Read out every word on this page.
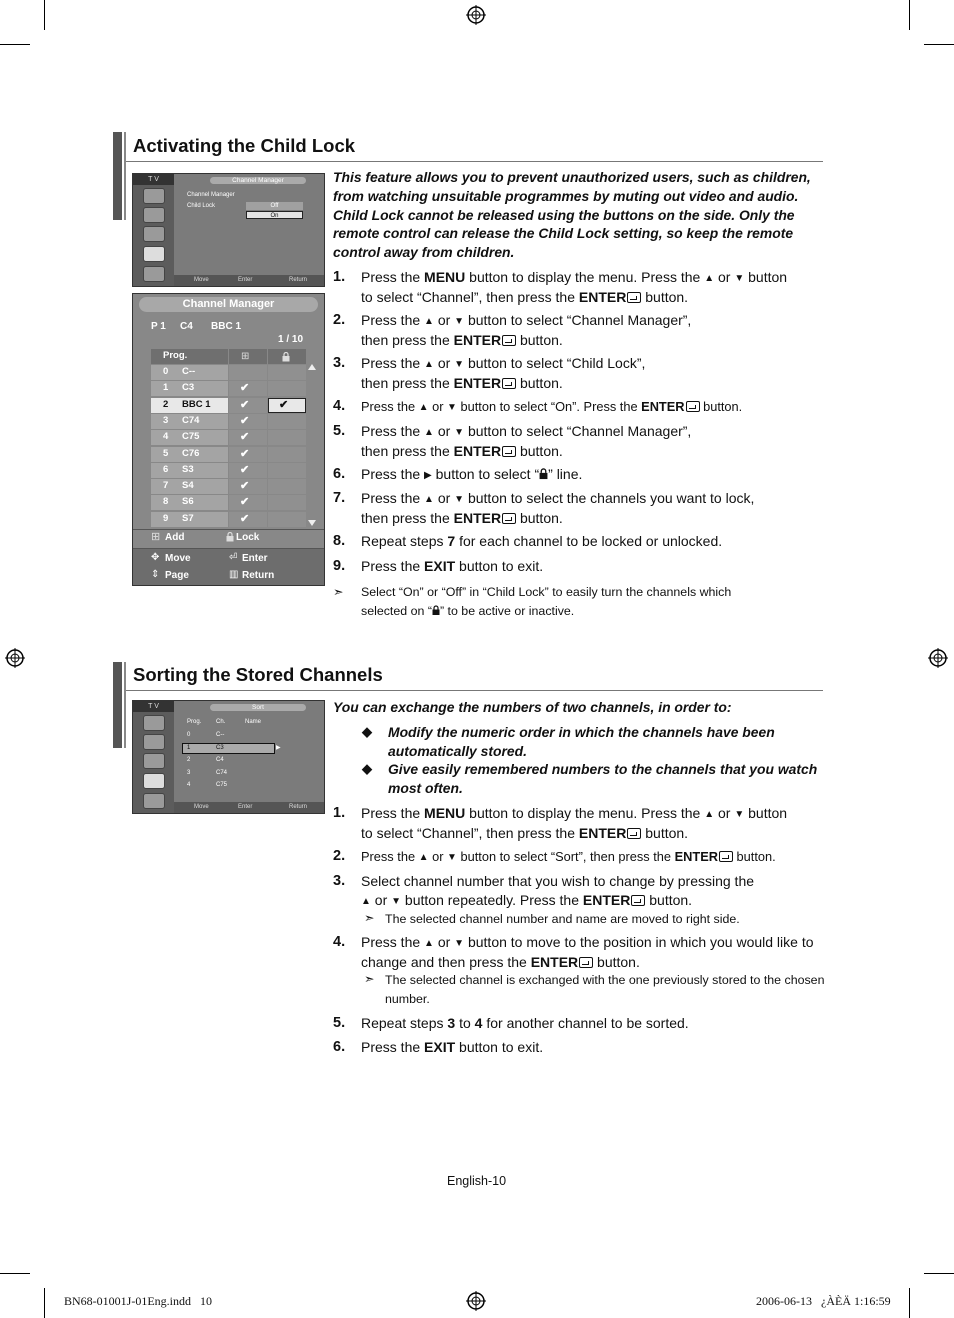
Activating the Child Lock
This feature allows you to prevent unauthorized users, such as children, from watching unsuitable programmes by muting out video and audio. Child Lock cannot be released using the buttons on the side. Only the remote control can release the Child Lock setting, so keep the remote control away from children.
T V	Channel Manager
Channel Manager
Child Lock	Off
On
Move	Enter	Return
Channel Manager
P 1 C4 BBC 1
1 / 10
Prog.	⊞
0 C--
1 C3	✔
2 BBC 1	✔	✔
3 C74	✔
4 C75	✔
5 C76	✔
6 S3	✔
7 S4	✔
8 S6	✔
9 S7	✔
⊞ Add	Lock
✥ Move	⏎ Enter
⇕ Page	▥ Return
1.	Press the MENU button to display the menu. Press the ▲ or ▼ button
to select “Channel”, then press the ENTER button.
2.	Press the ▲ or ▼ button to select “Channel Manager”,
then press the ENTER button.
3.	Press the ▲ or ▼ button to select “Child Lock”,
then press the ENTER button.
4.	Press the ▲ or ▼ button to select “On”. Press the ENTER button.
5.	Press the ▲ or ▼ button to select “Channel Manager”,
then press the ENTER button.
6.	Press the ▶ button to select “ ” line.
7.	Press the ▲ or ▼ button to select the channels you want to lock,
then press the ENTER button.
8.	Repeat steps 7 for each channel to be locked or unlocked.
9.	Press the EXIT button to exit.
➣ Select “On” or “Off” in “Child Lock” to easily turn the channels which
selected on “ ” to be active or inactive.
Sorting the Stored Channels
You can exchange the numbers of two channels, in order to:
◆ Modify the numeric order in which the channels have been automatically stored.
◆ Give easily remembered numbers to the channels that you watch most often.
T V	Sort
Prog. Ch.	Name
▶
Move	Enter	Return
0	C--
1	C3
2	C4
3	C74
4	C75
1.	Press the MENU button to display the menu. Press the ▲ or ▼ button
to select “Channel”, then press the ENTER button.
2.	Press the ▲ or ▼ button to select “Sort”, then press the ENTER button.
3.	Select channel number that you wish to change by pressing the
▲ or ▼ button repeatedly. Press the ENTER button.
➣ The selected channel number and name are moved to right side.
4.	Press the ▲ or ▼ button to move to the position in which you would like to
change and then press the ENTER button.
➣ The selected channel is exchanged with the one previously stored to the chosen
number.
5.	Repeat steps 3 to 4 for another channel to be sorted.
6.	Press the EXIT button to exit.
English-10
BN68-01001J-01Eng.indd   10	2006-06-13   ¿ÀÈÄ 1:16:59
